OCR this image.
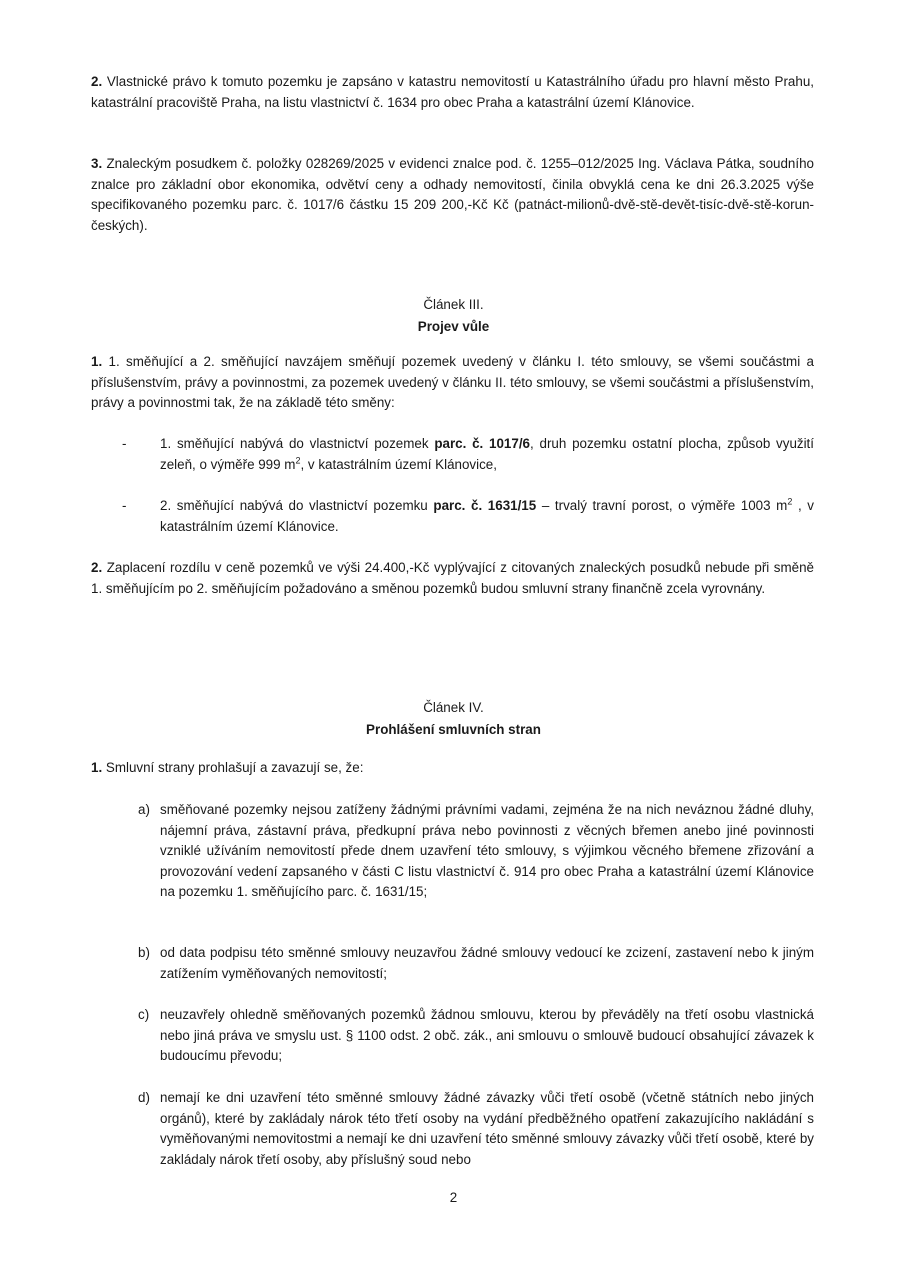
2. Vlastnické právo k tomuto pozemku je zapsáno v katastru nemovitostí u Katastrálního úřadu pro hlavní město Prahu, katastrální pracoviště Praha, na listu vlastnictví č. 1634 pro obec Praha a katastrální území Klánovice.

3. Znaleckým posudkem č. položky 028269/2025 v evidenci znalce pod. č. 1255–012/2025 Ing. Václava Pátka, soudního znalce pro základní obor ekonomika, odvětví ceny a odhady nemovitostí, činila obvyklá cena ke dni 26.3.2025 výše specifikovaného pozemku parc. č. 1017/6 částku 15 209 200,-Kč Kč (patnáct-milionů-dvě-stě-devět-tisíc-dvě-stě-korun-českých).

Článek III.

Projev vůle

1. 1. směňující a 2. směňující navzájem směňují pozemek uvedený v článku I. této smlouvy, se všemi součástmi a příslušenstvím, právy a povinnostmi, za pozemek uvedený v článku II. této smlouvy, se všemi součástmi a příslušenstvím, právy a povinnostmi tak, že na základě této směny:

-	1. směňující nabývá do vlastnictví pozemek parc. č. 1017/6, druh pozemku ostatní plocha, způsob využití zeleň, o výměře 999 $m^2$, v katastrálním území Klánovice,
-	2. směňující nabývá do vlastnictví pozemku parc. č. 1631/15 – trvalý travní porost, o výměře 1003 $m^2$ , v katastrálním území Klánovice.

2. Zaplacení rozdílu v ceně pozemků ve výši 24.400,-Kč vyplývající z citovaných znaleckých posudků nebude při směně 1. směňujícím po 2. směňujícím požadováno a směnou pozemků budou smluvní strany finančně zcela vyrovnány.

Článek IV.

Prohlášení smluvních stran

1. Smluvní strany prohlašují a zavazují se, že:

a) směňované pozemky nejsou zatíženy žádnými právními vadami, zejména že na nich neváznou žádné dluhy, nájemní práva, zástavní práva, předkupní práva nebo povinnosti z věcných břemen anebo jiné povinnosti vzniklé užíváním nemovitostí přede dnem uzavření této smlouvy, s výjimkou věcného břemene zřizování a provozování vedení zapsaného v části C listu vlastnictví č. 914 pro obec Praha a katastrální území Klánovice na pozemku 1. směňujícího parc. č. 1631/15;
b) od data podpisu této směnné smlouvy neuzavřou žádné smlouvy vedoucí ke zcizení, zastavení nebo k jiným zatížením vyměňovaných nemovitostí;
c) neuzavřely ohledně směňovaných pozemků žádnou smlouvu, kterou by převáděly na třetí osobu vlastnická nebo jiná práva ve smyslu ust. § 1100 odst. 2 obč. zák., ani smlouvu o smlouvě budoucí obsahující závazek k budoucímu převodu;
d) nemají ke dni uzavření této směnné smlouvy žádné závazky vůči třetí osobě (včetně státních nebo jiných orgánů), které by zakládaly nárok této třetí osoby na vydání předběžného opatření zakazujícího nakládání s vyměňovanými nemovitostmi a nemají ke dni uzavření této směnné smlouvy závazky vůči třetí osobě, které by zakládaly nárok třetí osoby, aby příslušný soud nebo
2
